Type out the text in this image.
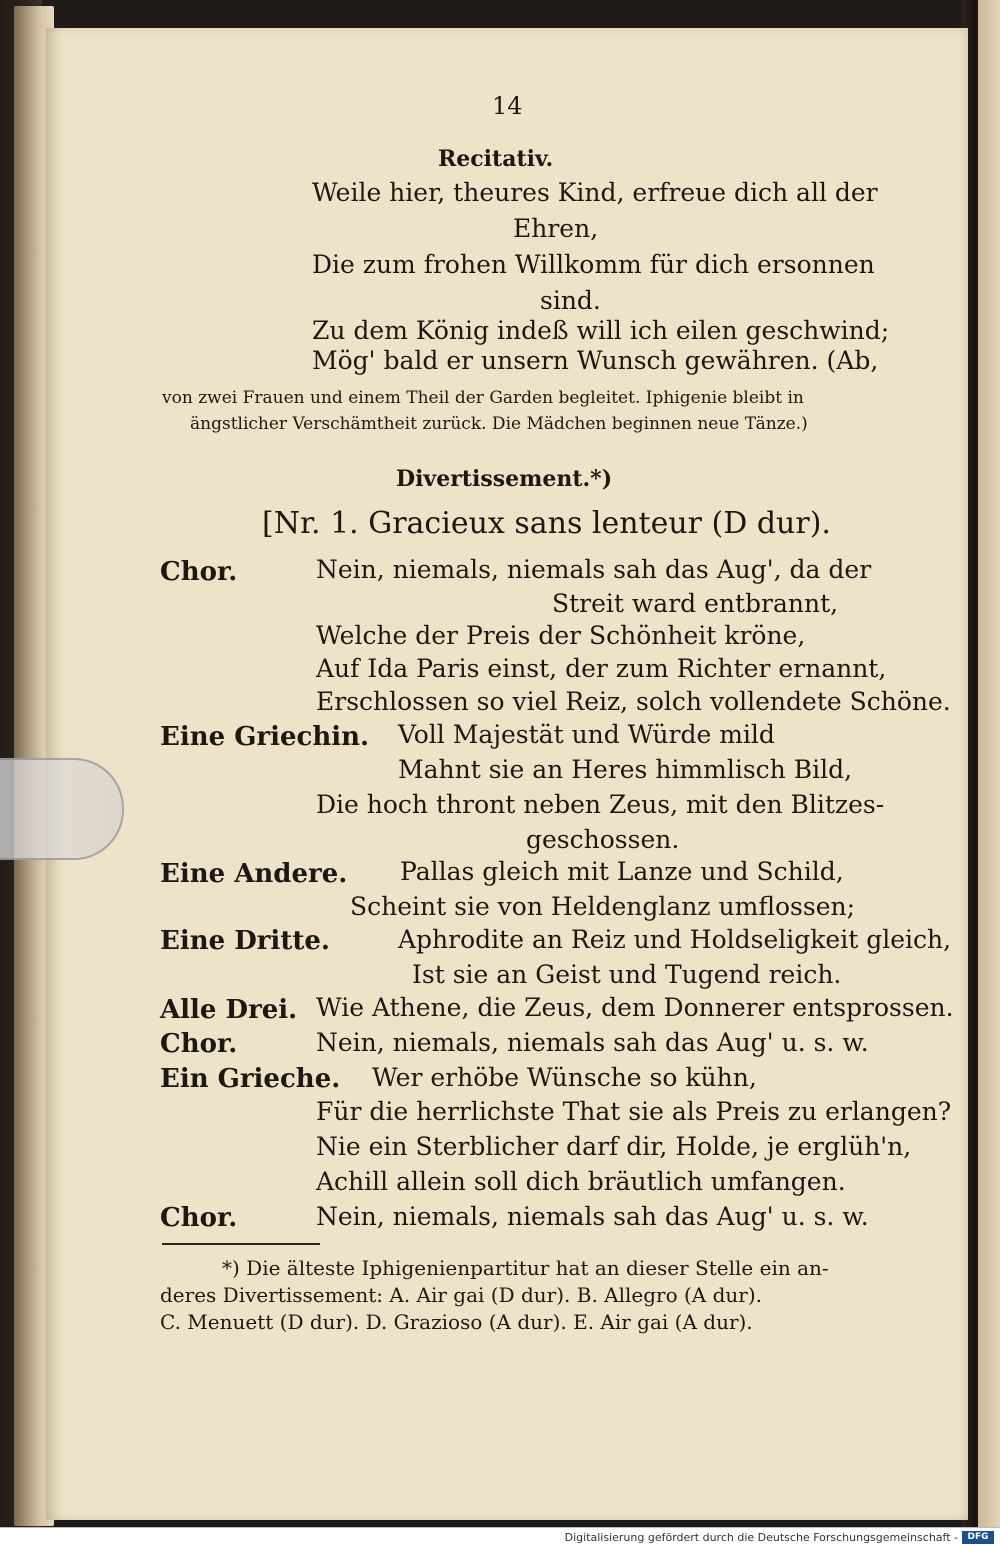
14
Recitativ.
Weile hier, theures Kind, erfreue dich all der
Ehren,
Die zum frohen Willkomm für dich ersonnen
sind.
Zu dem König indeß will ich eilen geschwind;
Mög' bald er unsern Wunsch gewähren. (Ab,
von zwei Frauen und einem Theil der Garden begleitet. Iphigenie bleibt in
ängstlicher Verschämtheit zurück. Die Mädchen beginnen neue Tänze.)
Divertissement.*)
[Nr. 1. Gracieux sans lenteur (D dur).
Chor.	Nein, niemals, niemals sah das Aug', da der
Streit ward entbrannt,
Welche der Preis der Schönheit kröne,
Auf Ida Paris einst, der zum Richter ernannt,
Erschlossen so viel Reiz, solch vollendete Schöne.
Eine Griechin. Voll Majestät und Würde mild
Mahnt sie an Heres himmlisch Bild,
Die hoch thront neben Zeus, mit den Blitzes-
geschossen.
Eine Andere. Pallas gleich mit Lanze und Schild,
Scheint sie von Heldenglanz umflossen;
Eine Dritte.	Aphrodite an Reiz und Holdseligkeit gleich,
Ist sie an Geist und Tugend reich.
Alle Drei. Wie Athene, die Zeus, dem Donnerer entsprossen.
Chor.	Nein, niemals, niemals sah das Aug' u. s. w.
Ein Grieche. Wer erhöbe Wünsche so kühn,
Für die herrlichste That sie als Preis zu erlangen?
Nie ein Sterblicher darf dir, Holde, je erglüh'n,
Achill allein soll dich bräutlich umfangen.
Chor.	Nein, niemals, niemals sah das Aug' u. s. w.
*) Die älteste Iphigenienpartitur hat an dieser Stelle ein an-
deres Divertissement: A. Air gai (D dur). B. Allegro (A dur).
C. Menuett (D dur). D. Grazioso (A dur). E. Air gai (A dur).
Digitalisierung gefördert durch die Deutsche Forschungsgemeinschaft -	DFG
